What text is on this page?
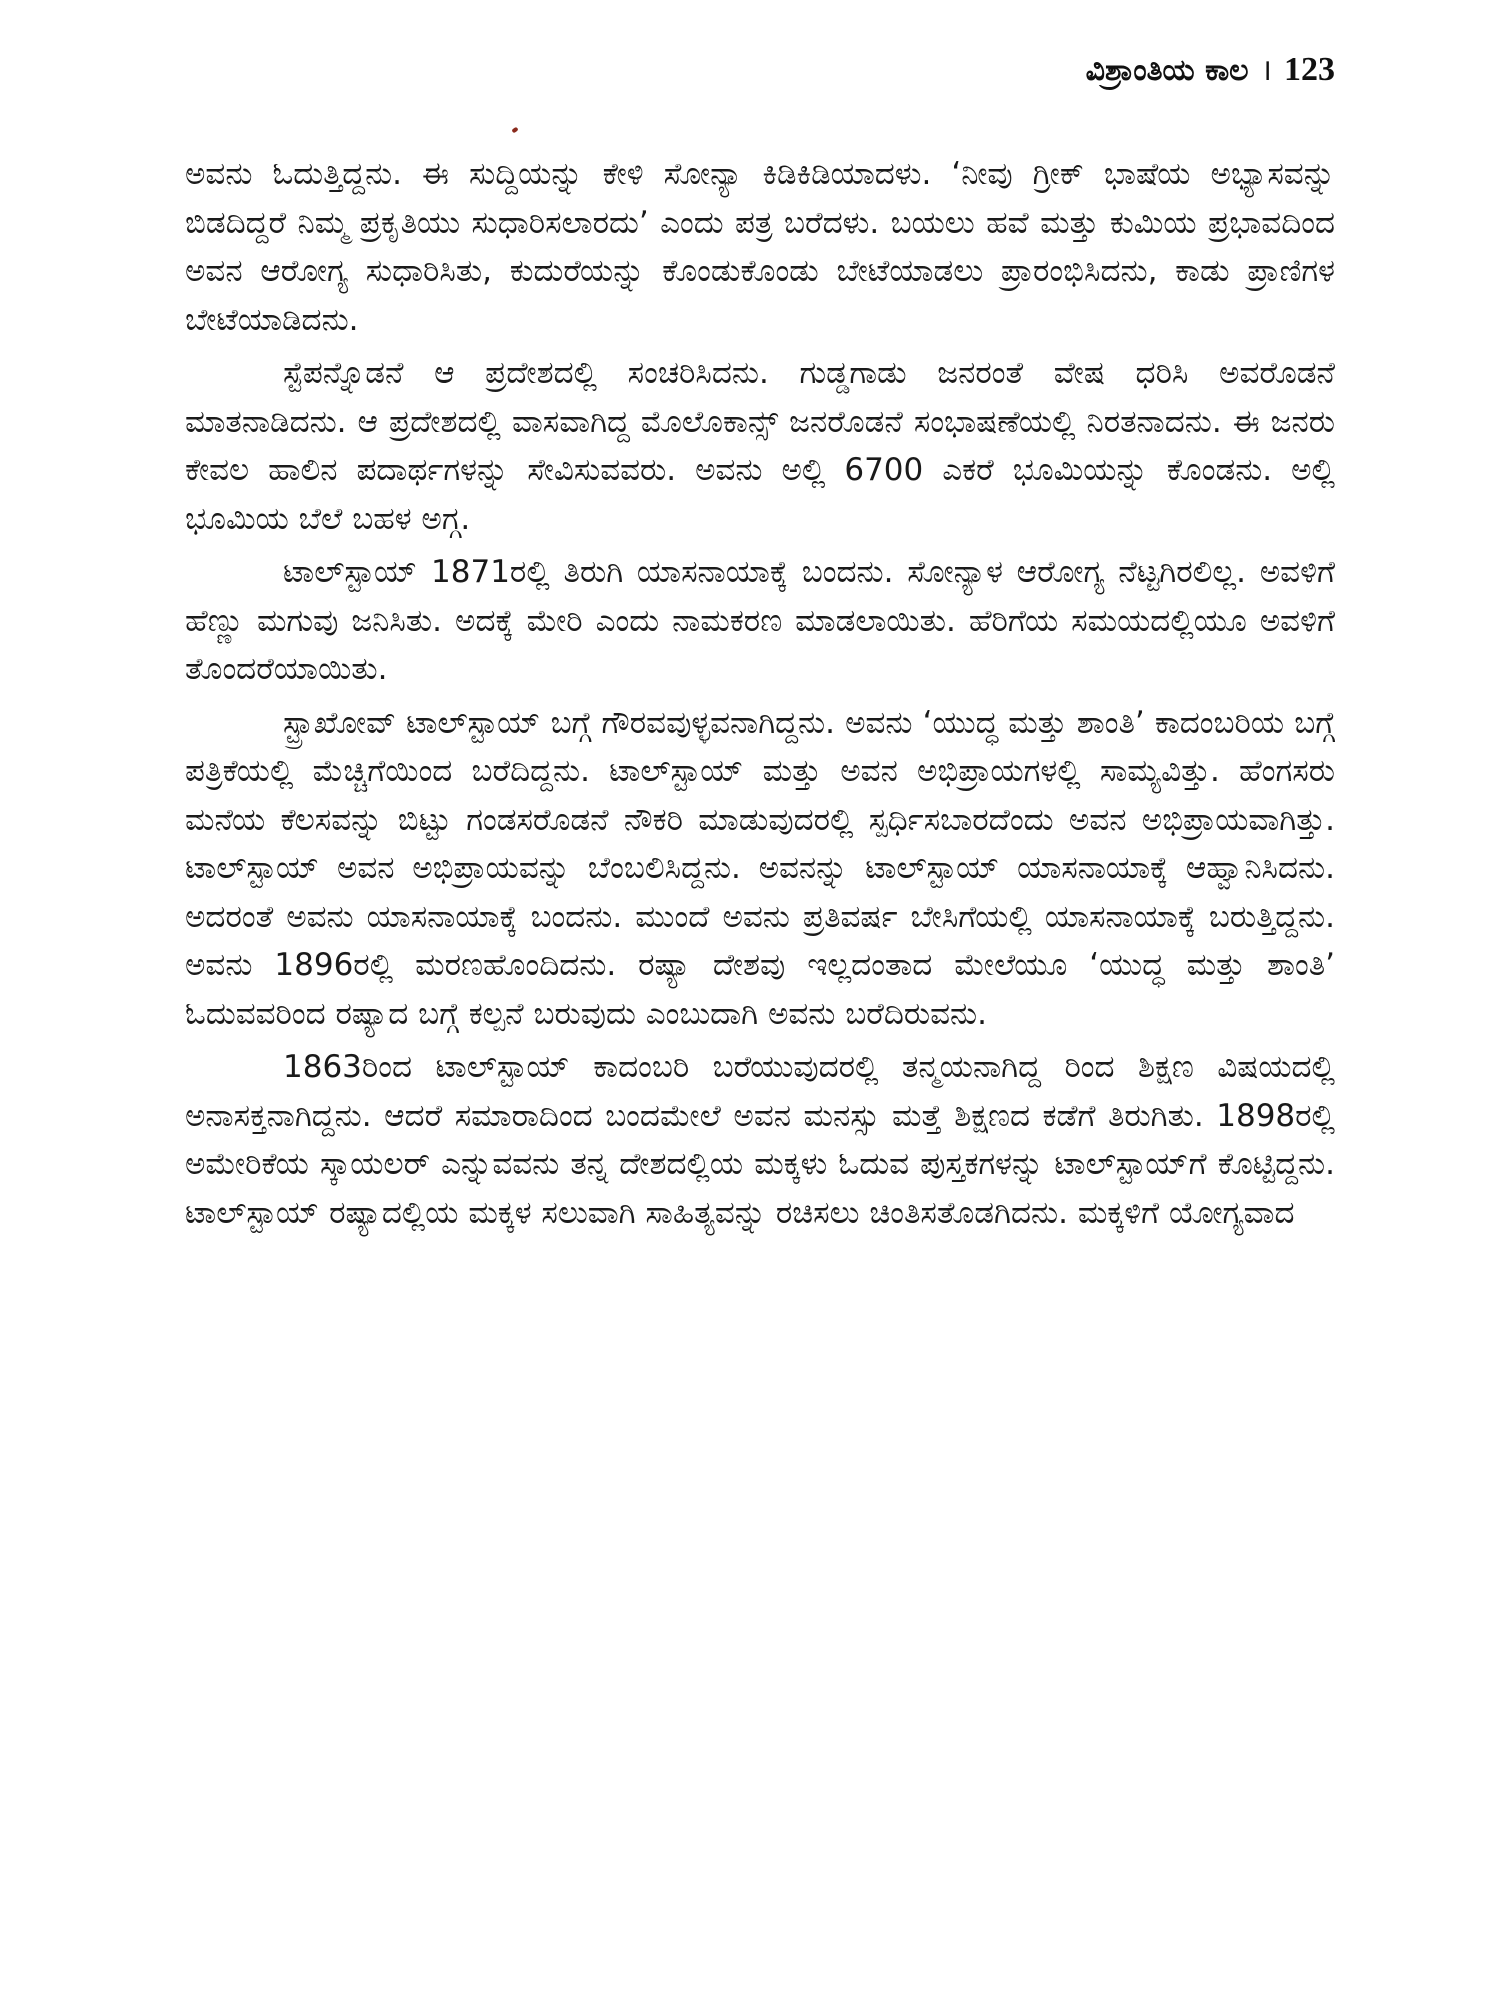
ವಿಶ್ರಾಂತಿಯ ಕಾಲ । 123

ಅವನು ಓದುತ್ತಿದ್ದನು. ಈ ಸುದ್ದಿಯನ್ನು ಕೇಳಿ ಸೋನ್ಯಾ ಕಿಡಿಕಿಡಿಯಾದಳು. ‘ನೀವು ಗ್ರೀಕ್ ಭಾಷೆಯ ಅಭ್ಯಾಸವನ್ನು ಬಿಡದಿದ್ದರೆ ನಿಮ್ಮ ಪ್ರಕೃತಿಯು ಸುಧಾರಿಸಲಾರದು’ ಎಂದು ಪತ್ರ ಬರೆದಳು. ಬಯಲು ಹವೆ ಮತ್ತು ಕುಮಿಯ ಪ್ರಭಾವದಿಂದ ಅವನ ಆರೋಗ್ಯ ಸುಧಾರಿಸಿತು, ಕುದುರೆಯನ್ನು ಕೊಂಡುಕೊಂಡು ಬೇಟೆಯಾಡಲು ಪ್ರಾರಂಭಿಸಿದನು, ಕಾಡು ಪ್ರಾಣಿಗಳ ಬೇಟೆಯಾಡಿದನು.

ಸ್ಟೆಪನ್ನೊಡನೆ ಆ ಪ್ರದೇಶದಲ್ಲಿ ಸಂಚರಿಸಿದನು. ಗುಡ್ಡಗಾಡು ಜನರಂತೆ ವೇಷ ಧರಿಸಿ ಅವರೊಡನೆ ಮಾತನಾಡಿದನು. ಆ ಪ್ರದೇಶದಲ್ಲಿ ವಾಸವಾಗಿದ್ದ ಮೊಲೊಕಾನ್ಸ್ ಜನರೊಡನೆ ಸಂಭಾಷಣೆಯಲ್ಲಿ ನಿರತನಾದನು. ಈ ಜನರು ಕೇವಲ ಹಾಲಿನ ಪದಾರ್ಥಗಳನ್ನು ಸೇವಿಸುವವರು. ಅವನು ಅಲ್ಲಿ 6700 ಎಕರೆ ಭೂಮಿಯನ್ನು ಕೊಂಡನು. ಅಲ್ಲಿ ಭೂಮಿಯ ಬೆಲೆ ಬಹಳ ಅಗ್ಗ.

ಟಾಲ್‌ಸ್ಟಾಯ್ 1871ರಲ್ಲಿ ತಿರುಗಿ ಯಾಸನಾಯಾಕ್ಕೆ ಬಂದನು. ಸೋನ್ಯಾಳ ಆರೋಗ್ಯ ನೆಟ್ಟಗಿರಲಿಲ್ಲ. ಅವಳಿಗೆ ಹೆಣ್ಣು ಮಗುವು ಜನಿಸಿತು. ಅದಕ್ಕೆ ಮೇರಿ ಎಂದು ನಾಮಕರಣ ಮಾಡಲಾಯಿತು. ಹೆರಿಗೆಯ ಸಮಯದಲ್ಲಿಯೂ ಅವಳಿಗೆ ತೊಂದರೆಯಾಯಿತು.

ಸ್ಟ್ರಾಖೋವ್ ಟಾಲ್‌ಸ್ಟಾಯ್ ಬಗ್ಗೆ ಗೌರವವುಳ್ಳವನಾಗಿದ್ದನು. ಅವನು ‘ಯುದ್ಧ ಮತ್ತು ಶಾಂತಿ’ ಕಾದಂಬರಿಯ ಬಗ್ಗೆ ಪತ್ರಿಕೆಯಲ್ಲಿ ಮೆಚ್ಚಿಗೆಯಿಂದ ಬರೆದಿದ್ದನು. ಟಾಲ್‌ಸ್ಟಾಯ್ ಮತ್ತು ಅವನ ಅಭಿಪ್ರಾಯಗಳಲ್ಲಿ ಸಾಮ್ಯವಿತ್ತು. ಹೆಂಗಸರು ಮನೆಯ ಕೆಲಸವನ್ನು ಬಿಟ್ಟು ಗಂಡಸರೊಡನೆ ನೌಕರಿ ಮಾಡುವುದರಲ್ಲಿ ಸ್ಪರ್ಧಿಸಬಾರದೆಂದು ಅವನ ಅಭಿಪ್ರಾಯವಾಗಿತ್ತು. ಟಾಲ್‌ಸ್ಟಾಯ್ ಅವನ ಅಭಿಪ್ರಾಯವನ್ನು ಬೆಂಬಲಿಸಿದ್ದನು. ಅವನನ್ನು ಟಾಲ್‌ಸ್ಟಾಯ್ ಯಾಸನಾಯಾಕ್ಕೆ ಆಹ್ವಾನಿಸಿದನು. ಅದರಂತೆ ಅವನು ಯಾಸನಾಯಾಕ್ಕೆ ಬಂದನು. ಮುಂದೆ ಅವನು ಪ್ರತಿವರ್ಷ ಬೇಸಿಗೆಯಲ್ಲಿ ಯಾಸನಾಯಾಕ್ಕೆ ಬರುತ್ತಿದ್ದನು. ಅವನು 1896ರಲ್ಲಿ ಮರಣಹೊಂದಿದನು. ರಷ್ಯಾ ದೇಶವು ಇಲ್ಲದಂತಾದ ಮೇಲೆಯೂ ‘ಯುದ್ಧ ಮತ್ತು ಶಾಂತಿ’ ಓದುವವರಿಂದ ರಷ್ಯಾದ ಬಗ್ಗೆ ಕಲ್ಪನೆ ಬರುವುದು ಎಂಬುದಾಗಿ ಅವನು ಬರೆದಿರುವನು.

1863ರಿಂದ ಟಾಲ್‌ಸ್ಟಾಯ್ ಕಾದಂಬರಿ ಬರೆಯುವುದರಲ್ಲಿ ತನ್ಮಯನಾಗಿದ್ದ ರಿಂದ ಶಿಕ್ಷಣ ವಿಷಯದಲ್ಲಿ ಅನಾಸಕ್ತನಾಗಿದ್ದನು. ಆದರೆ ಸಮಾರಾದಿಂದ ಬಂದಮೇಲೆ ಅವನ ಮನಸ್ಸು ಮತ್ತೆ ಶಿಕ್ಷಣದ ಕಡೆಗೆ ತಿರುಗಿತು. 1898ರಲ್ಲಿ ಅಮೇರಿಕೆಯ ಸ್ಕಾಯಲರ್ ಎನ್ನುವವನು ತನ್ನ ದೇಶದಲ್ಲಿಯ ಮಕ್ಕಳು ಓದುವ ಪುಸ್ತಕಗಳನ್ನು ಟಾಲ್‌ಸ್ಟಾಯ್‌ಗೆ ಕೊಟ್ಟಿದ್ದನು. ಟಾಲ್‌ಸ್ಟಾಯ್ ರಷ್ಯಾದಲ್ಲಿಯ ಮಕ್ಕಳ ಸಲುವಾಗಿ ಸಾಹಿತ್ಯವನ್ನು ರಚಿಸಲು ಚಿಂತಿಸತೊಡಗಿದನು. ಮಕ್ಕಳಿಗೆ ಯೋಗ್ಯವಾದ
